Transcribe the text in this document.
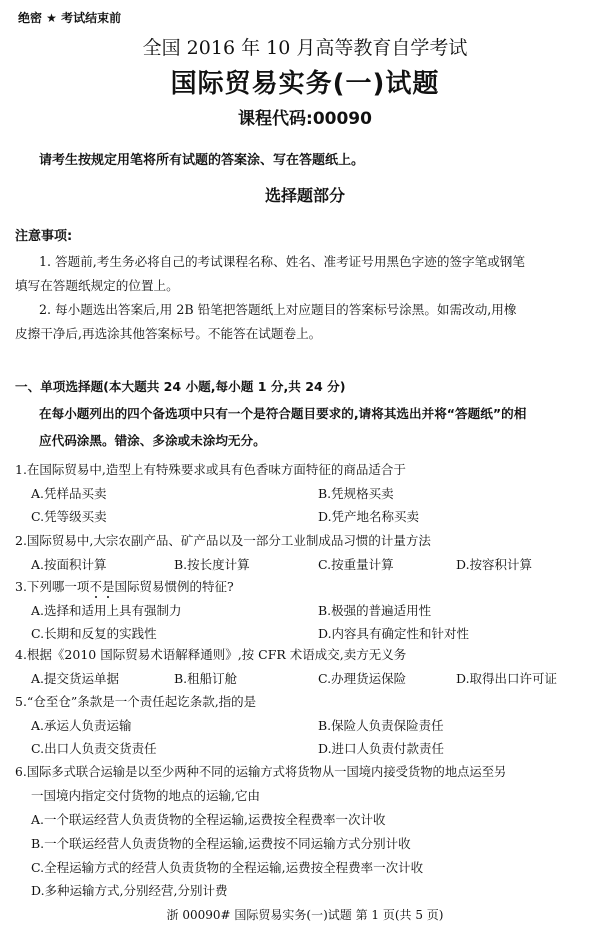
绝密 ★ 考试结束前
全国 2016 年 10 月高等教育自学考试
国际贸易实务(一)试题
课程代码:00090
请考生按规定用笔将所有试题的答案涂、写在答题纸上。
选择题部分
注意事项:
1. 答题前,考生务必将自己的考试课程名称、姓名、准考证号用黑色字迹的签字笔或钢笔
填写在答题纸规定的位置上。
2. 每小题选出答案后,用 2B 铅笔把答题纸上对应题目的答案标号涂黑。如需改动,用橡
皮擦干净后,再选涂其他答案标号。不能答在试题卷上。
一、单项选择题(本大题共 24 小题,每小题 1 分,共 24 分)
在每小题列出的四个备选项中只有一个是符合题目要求的,请将其选出并将“答题纸”的相
应代码涂黑。错涂、多涂或未涂均无分。
1.在国际贸易中,造型上有特殊要求或具有色香味方面特征的商品适合于
A.凭样品买卖	B.凭规格买卖
C.凭等级买卖	D.凭产地名称买卖
2.国际贸易中,大宗农副产品、矿产品以及一部分工业制成品习惯的计量方法
A.按面积计算	B.按长度计算	C.按重量计算	D.按容积计算
3.下列哪一项不是国际贸易惯例的特征?
A.选择和适用上具有强制力	B.极强的普遍适用性
C.长期和反复的实践性	D.内容具有确定性和针对性
4.根据《2010 国际贸易术语解释通则》,按 CFR 术语成交,卖方无义务
A.提交货运单据	B.租船订舱	C.办理货运保险	D.取得出口许可证
5.“仓至仓”条款是一个责任起讫条款,指的是
A.承运人负责运输	B.保险人负责保险责任
C.出口人负责交货责任	D.进口人负责付款责任
6.国际多式联合运输是以至少两种不同的运输方式将货物从一国境内接受货物的地点运至另
一国境内指定交付货物的地点的运输,它由
A.一个联运经营人负责货物的全程运输,运费按全程费率一次计收
B.一个联运经营人负责货物的全程运输,运费按不同运输方式分别计收
C.全程运输方式的经营人负责货物的全程运输,运费按全程费率一次计收
D.多种运输方式,分别经营,分别计费
浙 00090# 国际贸易实务(一)试题 第 1 页(共 5 页)
